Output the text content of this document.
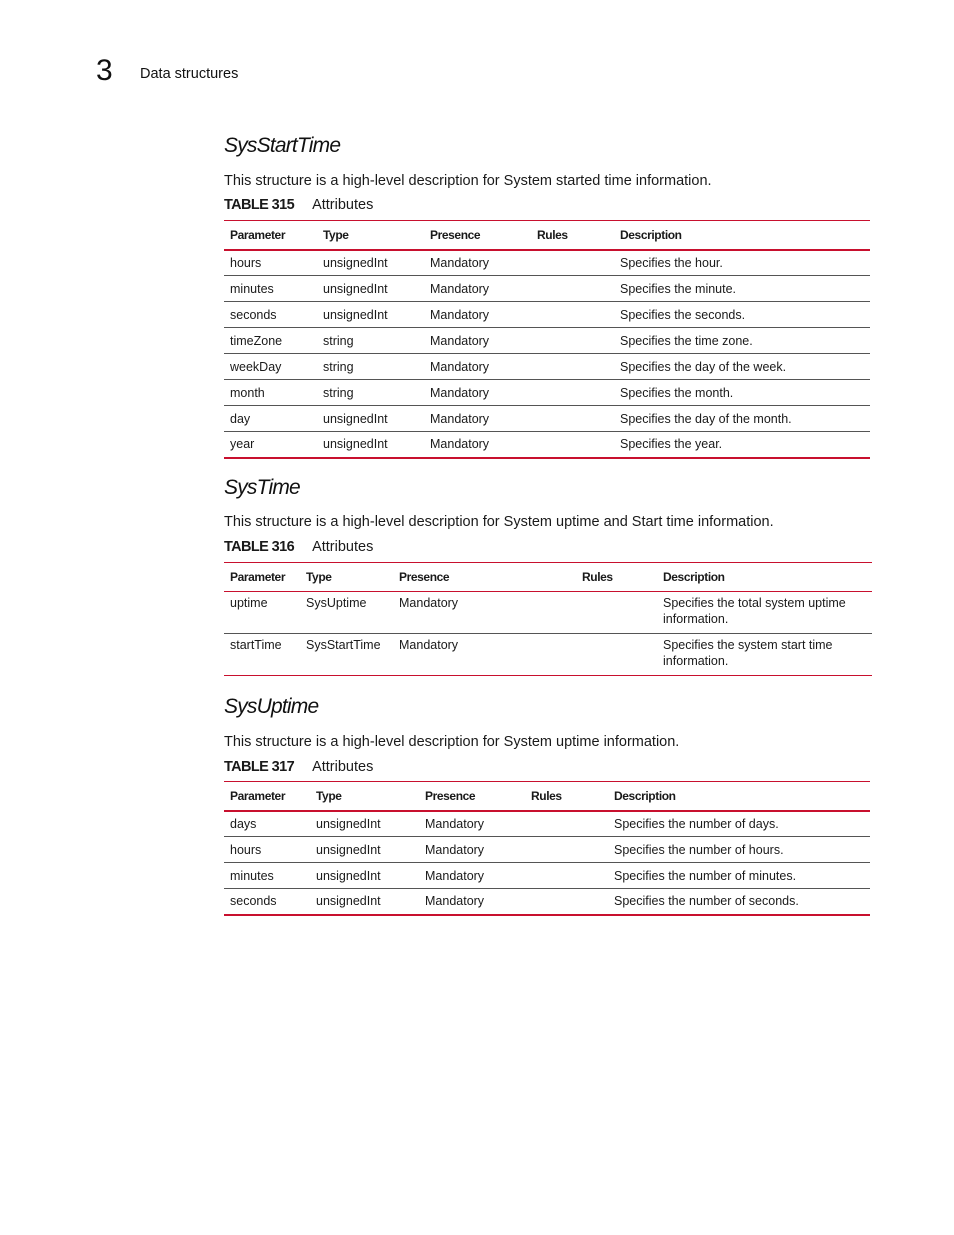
3 Data structures
SysStartTime

This structure is a high-level description for System started time information.

TABLE 315 Attributes
Parameter	Type	Presence	Rules	Description
hours	unsignedInt	Mandatory		Specifies the hour.
minutes	unsignedInt	Mandatory		Specifies the minute.
seconds	unsignedInt	Mandatory		Specifies the seconds.
timeZone	string	Mandatory		Specifies the time zone.
weekDay	string	Mandatory		Specifies the day of the week.
month	string	Mandatory		Specifies the month.
day	unsignedInt	Mandatory		Specifies the day of the month.
year	unsignedInt	Mandatory		Specifies the year.
SysTime

This structure is a high-level description for System uptime and Start time information.

TABLE 316 Attributes
Parameter	Type	Presence	Rules	Description
uptime	SysUptime	Mandatory		Specifies the total system uptime information.
startTime	SysStartTime	Mandatory		Specifies the system start time information.
SysUptime

This structure is a high-level description for System uptime information.

TABLE 317 Attributes
Parameter	Type	Presence	Rules	Description
days	unsignedInt	Mandatory		Specifies the number of days.
hours	unsignedInt	Mandatory		Specifies the number of hours.
minutes	unsignedInt	Mandatory		Specifies the number of minutes.
seconds	unsignedInt	Mandatory		Specifies the number of seconds.
